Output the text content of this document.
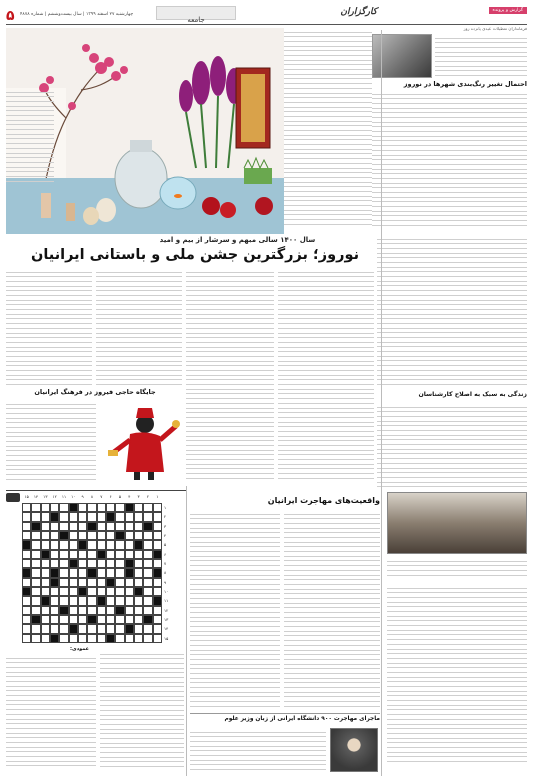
۵ چهارشنبه ۲۷ اسفند ۱۳۹۹ | سال بیست‌وششم | شماره ۴۸۷۸
جامعه
کارگزاران	گزارش و پرونده
فرمانداران تعطیلات عیدی پانزده روز
احتمال تغییر رنگ‌بندی شهرها در نوروز
سال ۱۴۰۰ سالی مبهم و سرشار از بیم و امید
نوروز؛ بزرگترین جشن ملی و باستانی ایرانیان
زندگی به سبک به اصلاح کارشناسان
جایگاه حاجی فیروز در فرهنگ ایرانیان
واقعیت‌های مهاجرت ایرانیان
ماجرای مهاجرت ۹۰۰ دانشگاه ایرانی از زبان وزیر علوم
جدول
۱۵	۱۴	۱۳	۱۲	۱۱	۱۰	۹	۸	۷	۶	۵	۴	۳	۲	۱
۱
۲
۳
۴
۵
۶
۷
۸
۹
۱۰
۱۱
۱۲
۱۳
۱۴
۱۵
عمودی:
